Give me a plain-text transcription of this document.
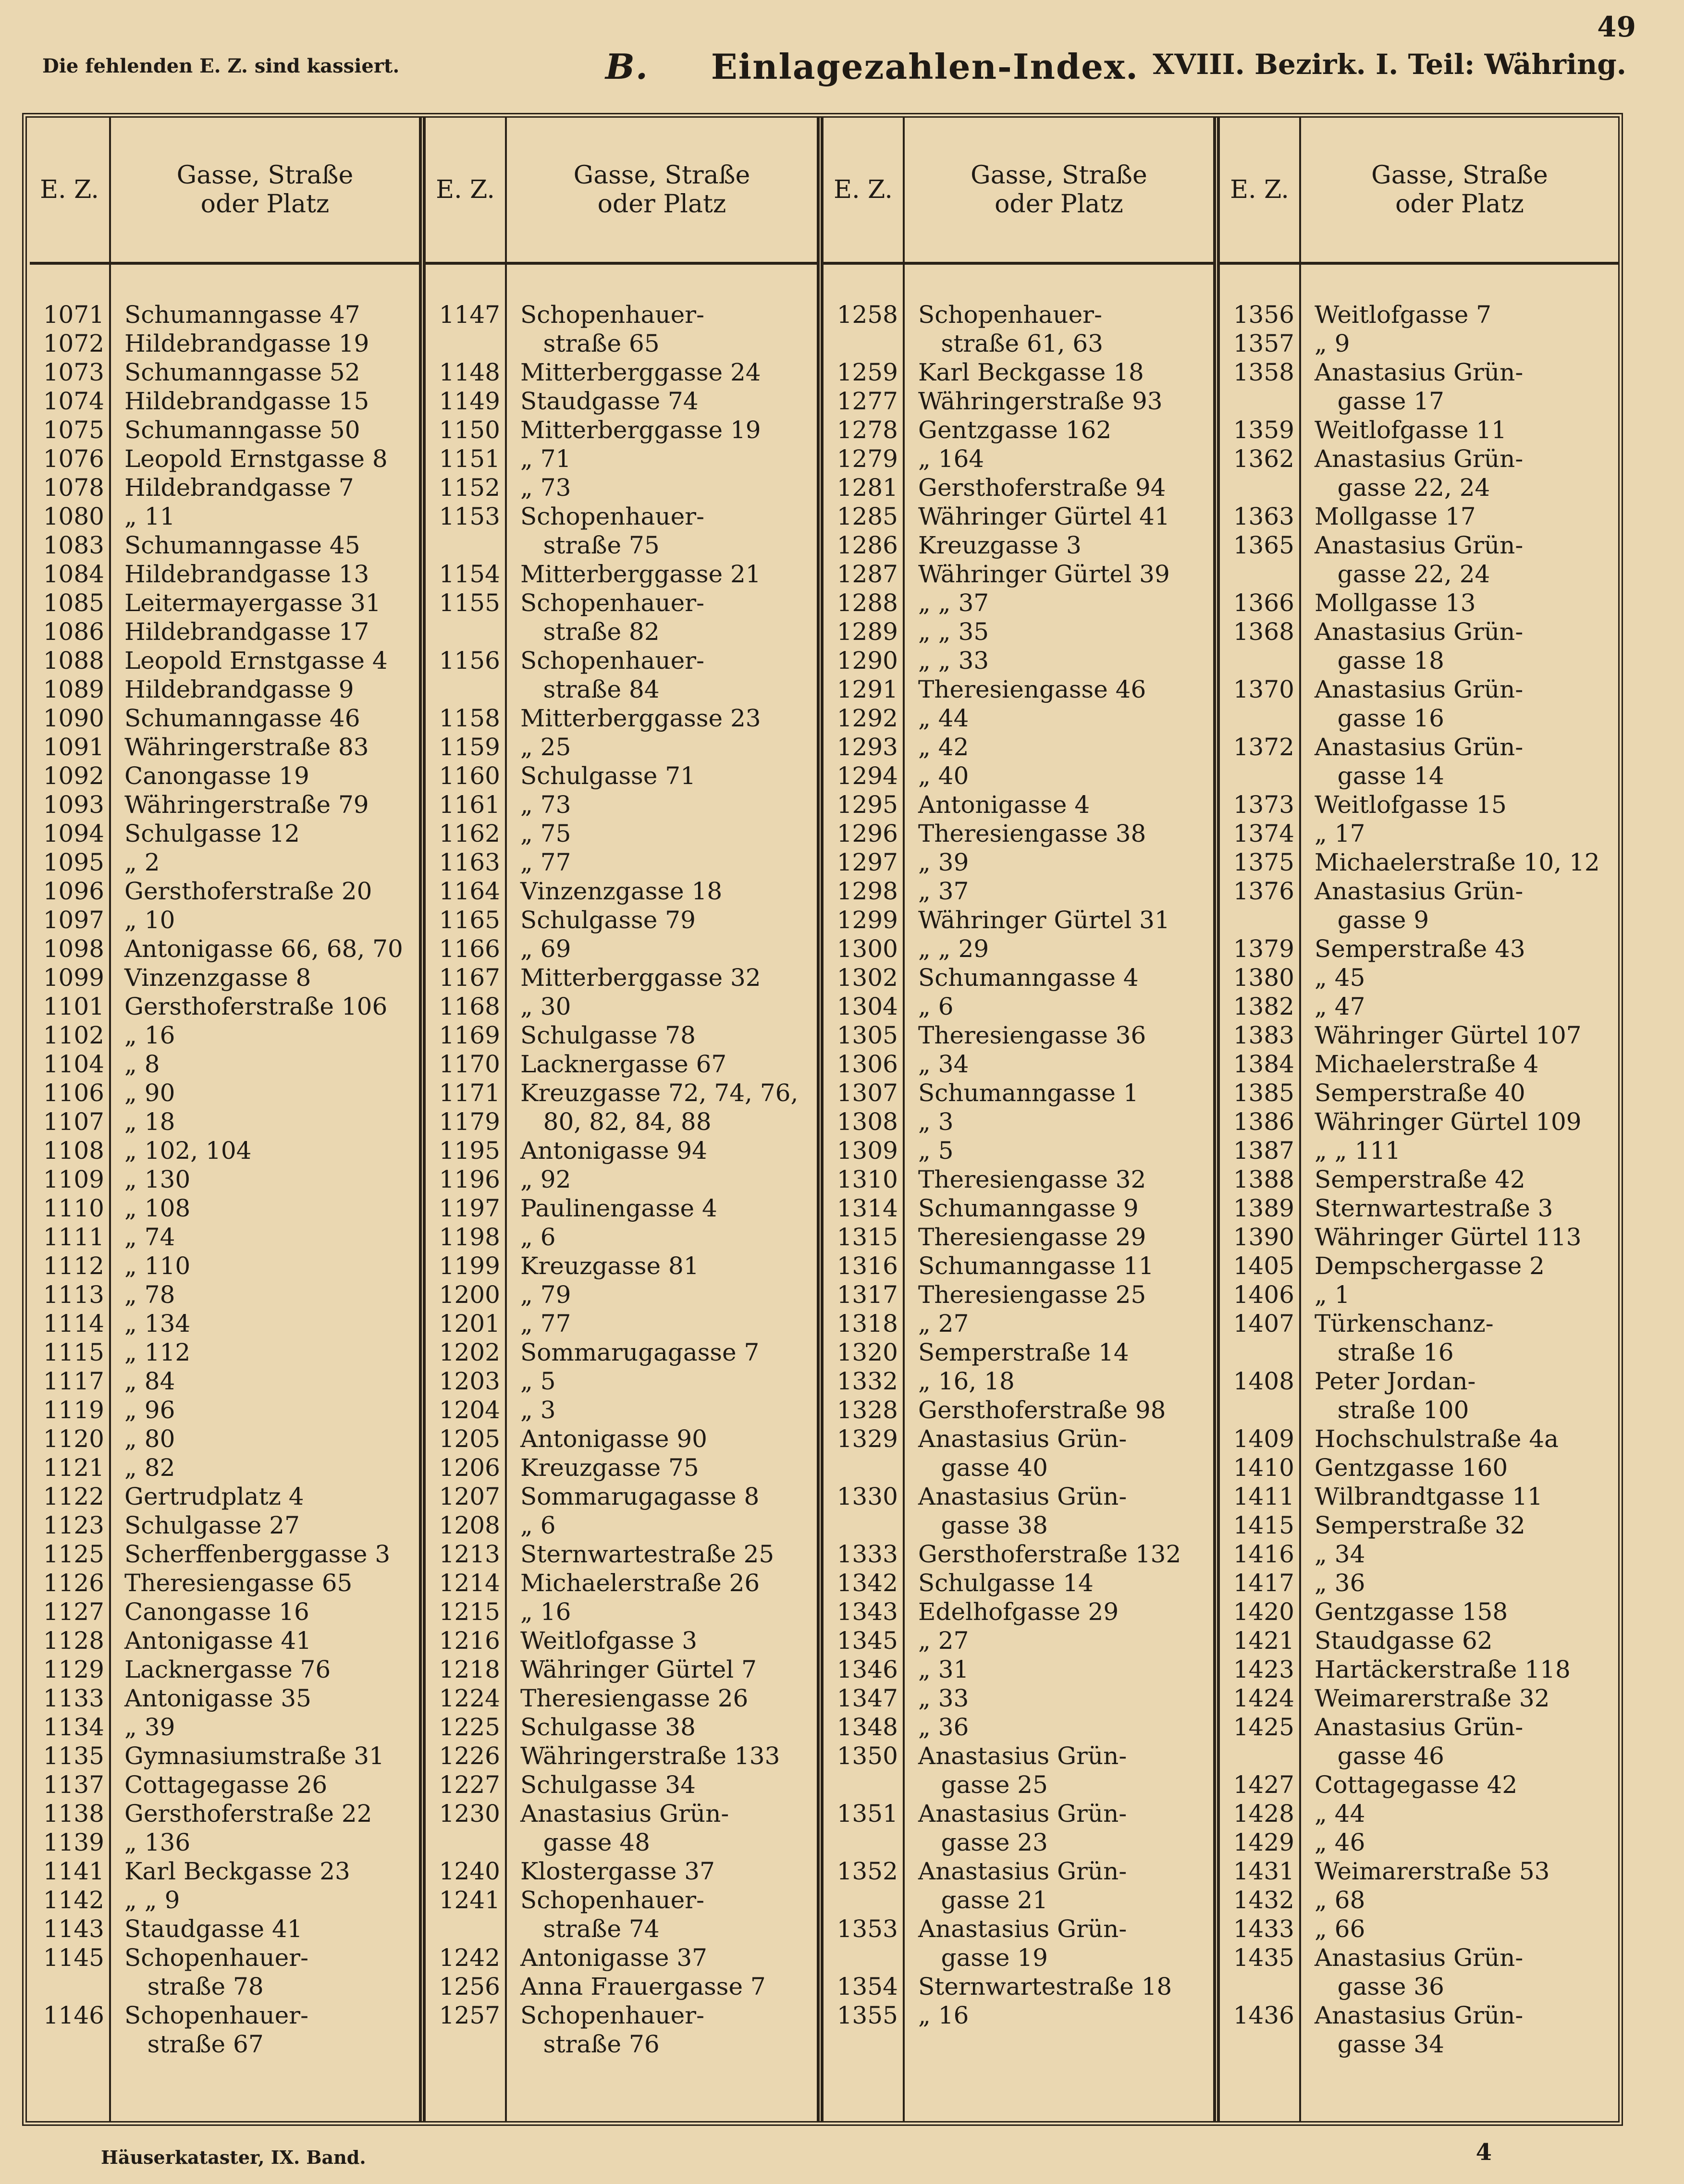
49
Die fehlenden E. Z. sind kassiert.	B. Einlagezahlen-Index. XVIII. Bezirk. I. Teil: Währing.
E. Z.	Gasse, Straße
oder Platz
1071 Schumanngasse 47
1072 Hildebrandgasse 19
1073 Schumanngasse 52
1074 Hildebrandgasse 15
1075 Schumanngasse 50
1076 Leopold Ernstgasse 8
1078 Hildebrandgasse 7
1080 „ 11
1083 Schumanngasse 45
1084 Hildebrandgasse 13
1085 Leitermayergasse 31
1086 Hildebrandgasse 17
1088 Leopold Ernstgasse 4
1089 Hildebrandgasse 9
1090 Schumanngasse 46
1091 Währingerstraße 83
1092 Canongasse 19
1093 Währingerstraße 79
1094 Schulgasse 12
1095 „ 2
1096 Gersthoferstraße 20
1097 „ 10
1098 Antonigasse 66, 68, 70
1099 Vinzenzgasse 8
1101 Gersthoferstraße 106
1102 „ 16
1104 „ 8
1106 „ 90
1107 „ 18
1108 „ 102, 104
1109 „ 130
1110 „ 108
1111 „ 74
1112 „ 110
1113 „ 78
1114 „ 134
1115 „ 112
1117 „ 84
1119 „ 96
1120 „ 80
1121 „ 82
1122 Gertrudplatz 4
1123 Schulgasse 27
1125 Scherffenberggasse 3
1126 Theresiengasse 65
1127 Canongasse 16
1128 Antonigasse 41
1129 Lacknergasse 76
1133 Antonigasse 35
1134 „ 39
1135 Gymnasiumstraße 31
1137 Cottagegasse 26
1138 Gersthoferstraße 22
1139 „ 136
1141 Karl Beckgasse 23
1142 „ „ 9
1143 Staudgasse 41
1145 Schopenhauer-
straße 78
1146 Schopenhauer-
straße 67
E. Z.	Gasse, Straße
oder Platz
1147 Schopenhauer-
straße 65
1148 Mitterberggasse 24
1149 Staudgasse 74
1150 Mitterberggasse 19
1151 „ 71
1152 „ 73
1153 Schopenhauer-
straße 75
1154 Mitterberggasse 21
1155 Schopenhauer-
straße 82
1156 Schopenhauer-
straße 84
1158 Mitterberggasse 23
1159 „ 25
1160 Schulgasse 71
1161 „ 73
1162 „ 75
1163 „ 77
1164 Vinzenzgasse 18
1165 Schulgasse 79
1166 „ 69
1167 Mitterberggasse 32
1168 „ 30
1169 Schulgasse 78
1170 Lacknergasse 67
1171 Kreuzgasse 72, 74, 76,
1179 80, 82, 84, 88
1195 Antonigasse 94
1196 „ 92
1197 Paulinengasse 4
1198 „ 6
1199 Kreuzgasse 81
1200 „ 79
1201 „ 77
1202 Sommarugagasse 7
1203 „ 5
1204 „ 3
1205 Antonigasse 90
1206 Kreuzgasse 75
1207 Sommarugagasse 8
1208 „ 6
1213 Sternwartestraße 25
1214 Michaelerstraße 26
1215 „ 16
1216 Weitlofgasse 3
1218 Währinger Gürtel 7
1224 Theresiengasse 26
1225 Schulgasse 38
1226 Währingerstraße 133
1227 Schulgasse 34
1230 Anastasius Grün-
gasse 48
1240 Klostergasse 37
1241 Schopenhauer-
straße 74
1242 Antonigasse 37
1256 Anna Frauergasse 7
1257 Schopenhauer-
straße 76
E. Z.	Gasse, Straße
oder Platz
1258 Schopenhauer-
straße 61, 63
1259 Karl Beckgasse 18
1277 Währingerstraße 93
1278 Gentzgasse 162
1279 „ 164
1281 Gersthoferstraße 94
1285 Währinger Gürtel 41
1286 Kreuzgasse 3
1287 Währinger Gürtel 39
1288 „ „ 37
1289 „ „ 35
1290 „ „ 33
1291 Theresiengasse 46
1292 „ 44
1293 „ 42
1294 „ 40
1295 Antonigasse 4
1296 Theresiengasse 38
1297 „ 39
1298 „ 37
1299 Währinger Gürtel 31
1300 „ „ 29
1302 Schumanngasse 4
1304 „ 6
1305 Theresiengasse 36
1306 „ 34
1307 Schumanngasse 1
1308 „ 3
1309 „ 5
1310 Theresiengasse 32
1314 Schumanngasse 9
1315 Theresiengasse 29
1316 Schumanngasse 11
1317 Theresiengasse 25
1318 „ 27
1320 Semperstraße 14
1332 „ 16, 18
1328 Gersthoferstraße 98
1329 Anastasius Grün-
gasse 40
1330 Anastasius Grün-
gasse 38
1333 Gersthoferstraße 132
1342 Schulgasse 14
1343 Edelhofgasse 29
1345 „ 27
1346 „ 31
1347 „ 33
1348 „ 36
1350 Anastasius Grün-
gasse 25
1351 Anastasius Grün-
gasse 23
1352 Anastasius Grün-
gasse 21
1353 Anastasius Grün-
gasse 19
1354 Sternwartestraße 18
1355 „ 16
E. Z.	Gasse, Straße
oder Platz
1356 Weitlofgasse 7
1357 „ 9
1358 Anastasius Grün-
gasse 17
1359 Weitlofgasse 11
1362 Anastasius Grün-
gasse 22, 24
1363 Mollgasse 17
1365 Anastasius Grün-
gasse 22, 24
1366 Mollgasse 13
1368 Anastasius Grün-
gasse 18
1370 Anastasius Grün-
gasse 16
1372 Anastasius Grün-
gasse 14
1373 Weitlofgasse 15
1374 „ 17
1375 Michaelerstraße 10, 12
1376 Anastasius Grün-
gasse 9
1379 Semperstraße 43
1380 „ 45
1382 „ 47
1383 Währinger Gürtel 107
1384 Michaelerstraße 4
1385 Semperstraße 40
1386 Währinger Gürtel 109
1387 „ „ 111
1388 Semperstraße 42
1389 Sternwartestraße 3
1390 Währinger Gürtel 113
1405 Dempschergasse 2
1406 „ 1
1407 Türkenschanz-
straße 16
1408 Peter Jordan-
straße 100
1409 Hochschulstraße 4a
1410 Gentzgasse 160
1411 Wilbrandtgasse 11
1415 Semperstraße 32
1416 „ 34
1417 „ 36
1420 Gentzgasse 158
1421 Staudgasse 62
1423 Hartäckerstraße 118
1424 Weimarerstraße 32
1425 Anastasius Grün-
gasse 46
1427 Cottagegasse 42
1428 „ 44
1429 „ 46
1431 Weimarerstraße 53
1432 „ 68
1433 „ 66
1435 Anastasius Grün-
gasse 36
1436 Anastasius Grün-
gasse 34
Häuserkataster, IX. Band.	4
